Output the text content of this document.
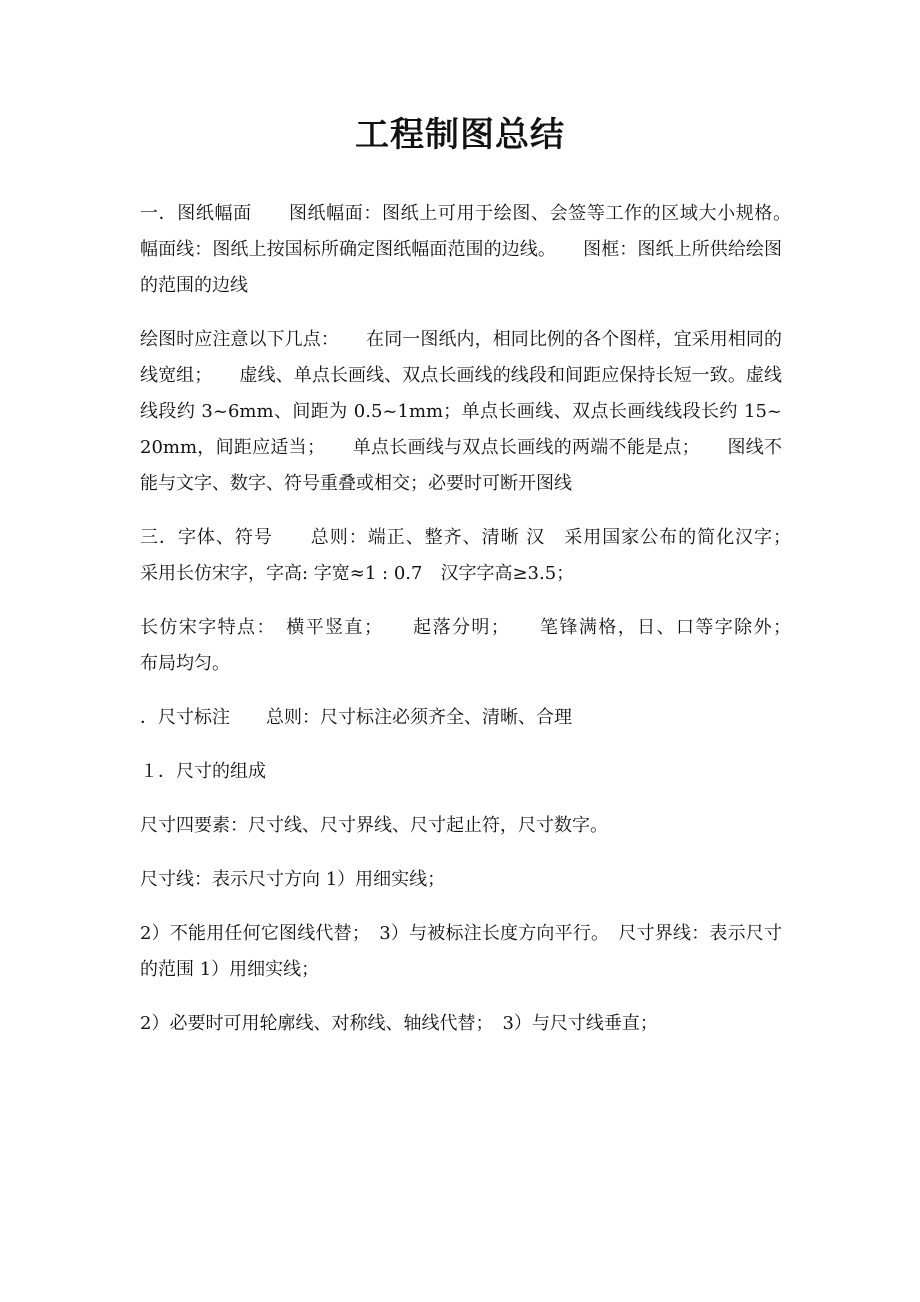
工程制图总结

一．图纸幅面　　图纸幅面：图纸上可用于绘图、会签等工作的区域大小规格。　　幅面线：图纸上按国标所确定图纸幅面范围的边线。　　图框：图纸上所供给绘图的范围的边线

绘图时应注意以下几点：　　在同一图纸内，相同比例的各个图样，宜采用相同的线宽组；　　虚线、单点长画线、双点长画线的线段和间距应保持长短一致。虚线线段约 3~6mm、间距为 0.5~1mm；单点长画线、双点长画线线段长约 15~20mm，间距应适当；　　单点长画线与双点长画线的两端不能是点；　　图线不能与文字、数字、符号重叠或相交；必要时可断开图线

三．字体、符号　　总则：端正、整齐、清晰 汉　采用国家公布的简化汉字；　　采用长仿宋字，字高: 字宽≈1 : 0.7　汉字字高≥3.5；

长仿宋字特点：　横平竖直；　　起落分明；　　笔锋满格，日、口等字除外；　　布局均匀。

．尺寸标注　　总则：尺寸标注必须齐全、清晰、合理

１．尺寸的组成

尺寸四要素：尺寸线、尺寸界线、尺寸起止符，尺寸数字。

尺寸线：表示尺寸方向 1）用细实线；

2）不能用任何它图线代替；　3）与被标注长度方向平行。　尺寸界线：表示尺寸的范围 1）用细实线；

2）必要时可用轮廓线、对称线、轴线代替；　3）与尺寸线垂直；
